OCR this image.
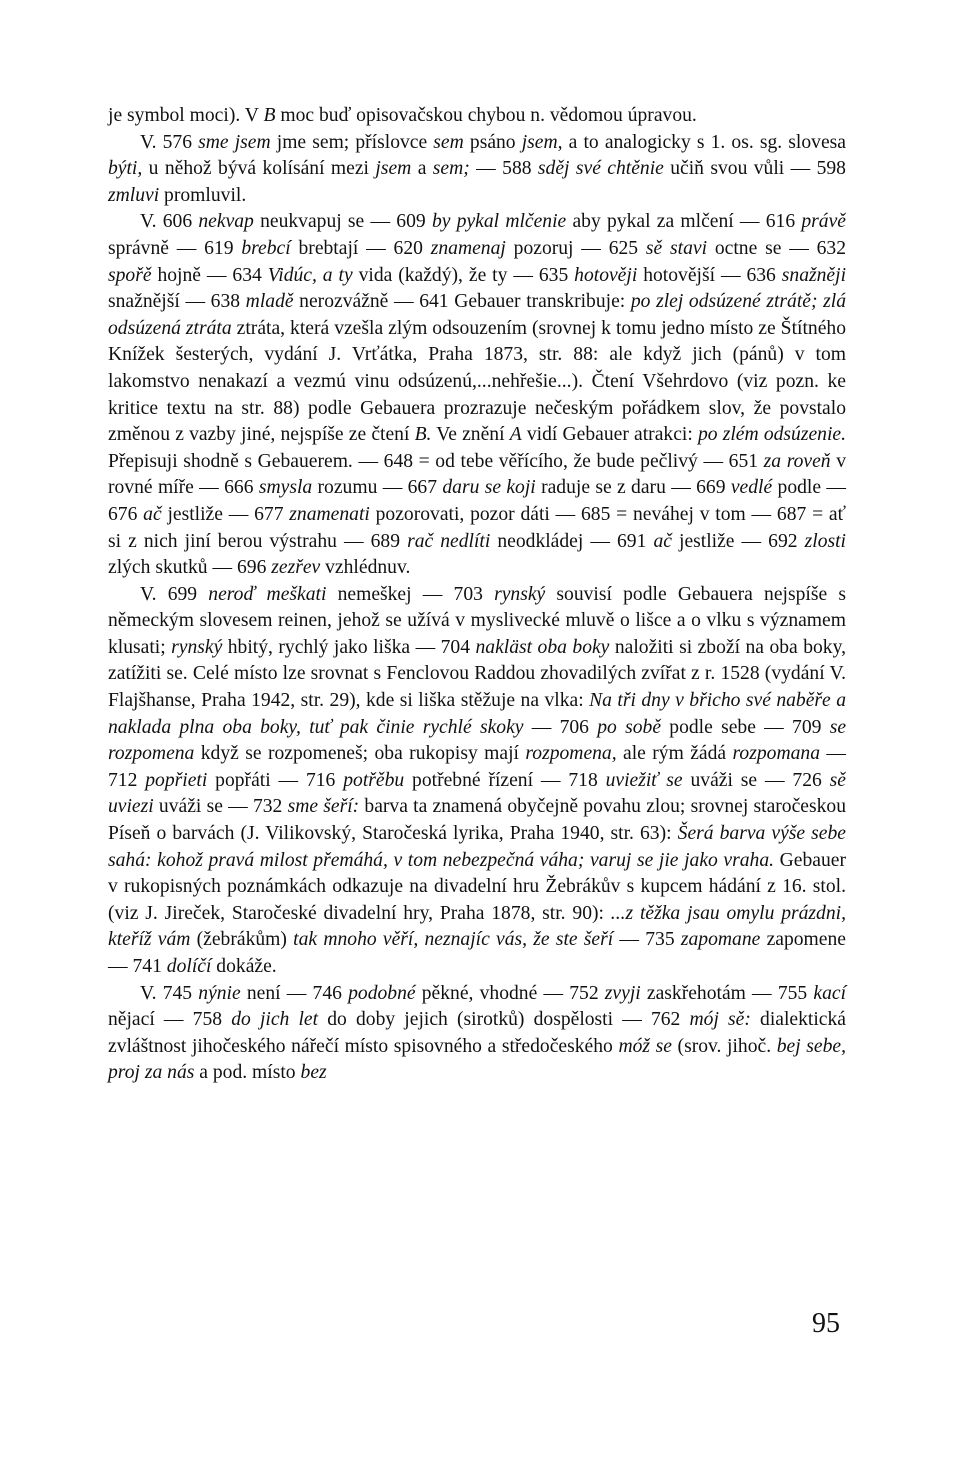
je symbol moci). V B moc buď opisovačskou chybou n. vědomou úpravou.

V. 576 sme jsem jme sem; příslovce sem psáno jsem, a to analogicky s 1. os. sg. slovesa býti, u něhož bývá kolísání mezi jsem a sem; — 588 sděj své chtěnie učiň svou vůli — 598 zmluvi promluvil.

V. 606 nekvap neukvapuj se — 609 by pykal mlčenie aby pykal za mlčení — 616 právě správně — 619 brebcí brebtají — 620 znamenaj pozoruj — 625 sě stavi octne se — 632 spořě hojně — 634 Vidúc, a ty vida (každý), že ty — 635 hotověji hotovější — 636 snažněji snažnější — 638 mladě nerozvážně — 641 Gebauer transkribuje: po zlej odsúzené ztrátě; zlá odsúzená ztráta ztráta, která vzešla zlým odsouzením (srovnej k tomu jedno místo ze Štítného Knížek šesterých, vydání J. Vrťátka, Praha 1873, str. 88: ale když jich (pánů) v tom lakomstvo nenakazí a vezmú vinu odsúzenú,...nehřešie...). Čtení Všehrdovo (viz pozn. ke kritice textu na str. 88) podle Gebauera prozrazuje nečeským pořádkem slov, že povstalo změnou z vazby jiné, nejspíše ze čtení B. Ve znění A vidí Gebauer atrakci: po zlém odsúzenie. Přepisuji shodně s Gebauerem. — 648 = od tebe věřícího, že bude pečlivý — 651 za roveň v rovné míře — 666 smysla rozumu — 667 daru se koji raduje se z daru — 669 vedlé podle — 676 ač jestliže — 677 znamenati pozorovati, pozor dáti — 685 = neváhej v tom — 687 = ať si z nich jiní berou výstrahu — 689 rač nedlíti neodkládej — 691 ač jestliže — 692 zlosti zlých skutků — 696 zezřev vzhlédnuv.

V. 699 neroď meškati nemeškej — 703 rynský souvisí podle Gebauera nejspíše s německým slovesem reinen, jehož se užívá v myslivecké mluvě o lišce a o vlku s významem klusati; rynský hbitý, rychlý jako liška — 704 nakläst oba boky naložiti si zboží na oba boky, zatížiti se. Celé místo lze srovnat s Fenclovou Raddou zhovadilých zvířat z r. 1528 (vydání V. Flajšhanse, Praha 1942, str. 29), kde si liška stěžuje na vlka: Na tři dny v břicho své naběře a naklada plna oba boky, tuť pak činie rychlé skoky — 706 po sobě podle sebe — 709 se rozpomena když se rozpomeneš; oba rukopisy mají rozpomena, ale rým žádá rozpomana — 712 popřieti popřáti — 716 potřěbu potřebné řízení — 718 uviežiť se uváži se — 726 sě uviezi uváži se — 732 sme šeří: barva ta znamená obyčejně povahu zlou; srovnej staročeskou Píseň o barvách (J. Vilikovský, Staročeská lyrika, Praha 1940, str. 63): Šerá barva výše sebe sahá: kohož pravá milost přemáhá, v tom nebezpečná váha; varuj se jie jako vraha. Gebauer v rukopisných poznámkách odkazuje na divadelní hru Žebrákův s kupcem hádání z 16. stol. (viz J. Jireček, Staročeské divadelní hry, Praha 1878, str. 90): ...z těžka jsau omylu prázdni, kteříž vám (žebrákům) tak mnoho věří, neznajíc vás, že ste šeří — 735 zapomane zapomene — 741 dolíčí dokáže.

V. 745 nýnie není — 746 podobné pěkné, vhodné — 752 zvyji zaskřehotám — 755 kací nějací — 758 do jich let do doby jejich (sirotků) dospělosti — 762 mój sě: dialektická zvláštnost jihočeského nářečí místo spisovného a středočeského móž se (srov. jihoč. bej sebe, proj za nás a pod. místo bez

95
